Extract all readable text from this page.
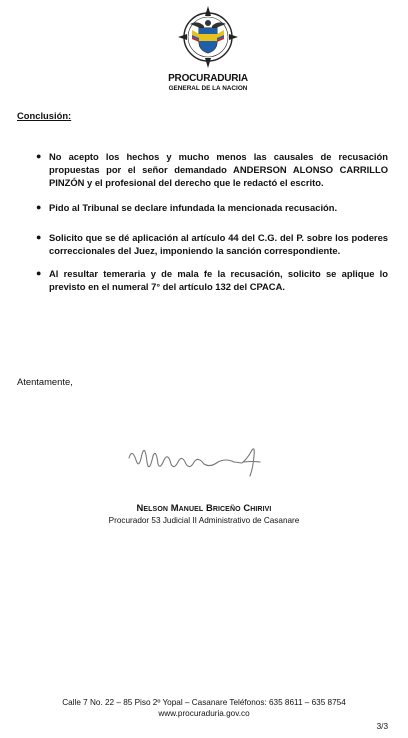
PROCURADURIA
GENERAL DE LA NACION
Conclusión:
● No acepto los hechos y mucho menos las causales de recusación propuestas por el señor demandado ANDERSON ALONSO CARRILLO PINZÓN y el profesional del derecho que le redactó el escrito.
● Pido al Tribunal se declare infundada la mencionada recusación.
● Solicito que se dé aplicación al artículo 44 del C.G. del P. sobre los poderes correccionales del Juez, imponiendo la sanción correspondiente.
● Al resultar temeraria y de mala fe la recusación, solicito se aplique lo previsto en el numeral 7° del artículo 132 del CPACA.
Atentamente,
Nelson Manuel Briceño Chirivi
Procurador 53 Judicial II Administrativo de Casanare
Calle 7 No. 22 – 85 Piso 2º Yopal – Casanare Teléfonos: 635 8611 – 635 8754
www.procuraduria.gov.co
3/3
